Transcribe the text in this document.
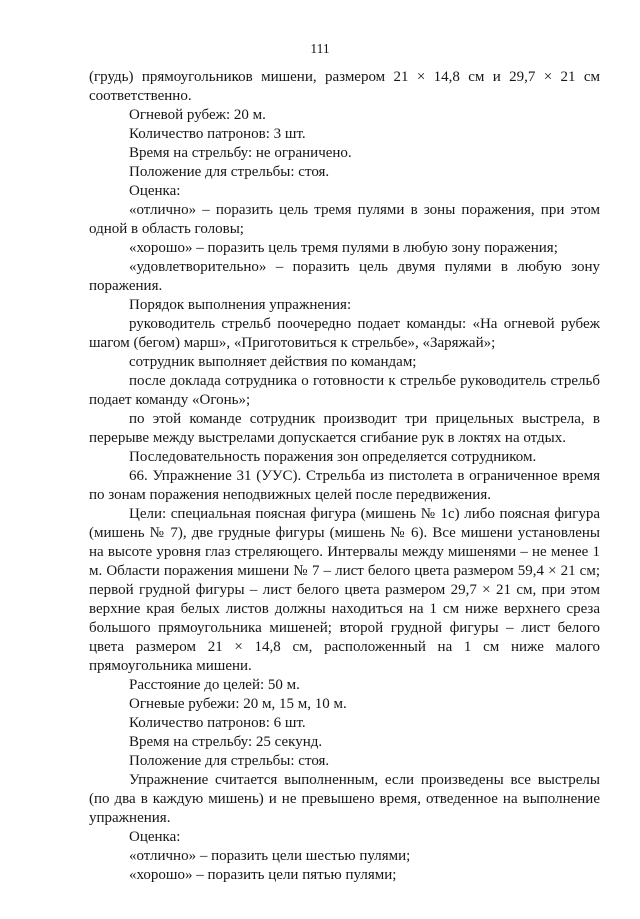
111

(грудь) прямоугольников мишени, размером 21 × 14,8 см и 29,7 × 21 см соответственно.

Огневой рубеж: 20 м.

Количество патронов: 3 шт.

Время на стрельбу: не ограничено.

Положение для стрельбы: стоя.

Оценка:

«отлично» – поразить цель тремя пулями в зоны поражения, при этом одной в область головы;

«хорошо» – поразить цель тремя пулями в любую зону поражения;

«удовлетворительно» – поразить цель двумя пулями в любую зону поражения.

Порядок выполнения упражнения:

руководитель стрельб поочередно подает команды: «На огневой рубеж шагом (бегом) марш», «Приготовиться к стрельбе», «Заряжай»;

сотрудник выполняет действия по командам;

после доклада сотрудника о готовности к стрельбе руководитель стрельб подает команду «Огонь»;

по этой команде сотрудник производит три прицельных выстрела, в перерыве между выстрелами допускается сгибание рук в локтях на отдых.

Последовательность поражения зон определяется сотрудником.

66. Упражнение 31 (УУС). Стрельба из пистолета в ограниченное время по зонам поражения неподвижных целей после передвижения.

Цели: специальная поясная фигура (мишень № 1с) либо поясная фигура (мишень № 7), две грудные фигуры (мишень № 6). Все мишени установлены на высоте уровня глаз стреляющего. Интервалы между мишенями – не менее 1 м. Области поражения мишени № 7 – лист белого цвета размером 59,4 × 21 см; первой грудной фигуры – лист белого цвета размером 29,7 × 21 см, при этом верхние края белых листов должны находиться на 1 см ниже верхнего среза большого прямоугольника мишеней; второй грудной фигуры – лист белого цвета размером 21 × 14,8 см, расположенный на 1 см ниже малого прямоугольника мишени.

Расстояние до целей: 50 м.

Огневые рубежи: 20 м, 15 м, 10 м.

Количество патронов: 6 шт.

Время на стрельбу: 25 секунд.

Положение для стрельбы: стоя.

Упражнение считается выполненным, если произведены все выстрелы (по два в каждую мишень) и не превышено время, отведенное на выполнение упражнения.

Оценка:

«отлично» – поразить цели шестью пулями;

«хорошо» – поразить цели пятью пулями;
